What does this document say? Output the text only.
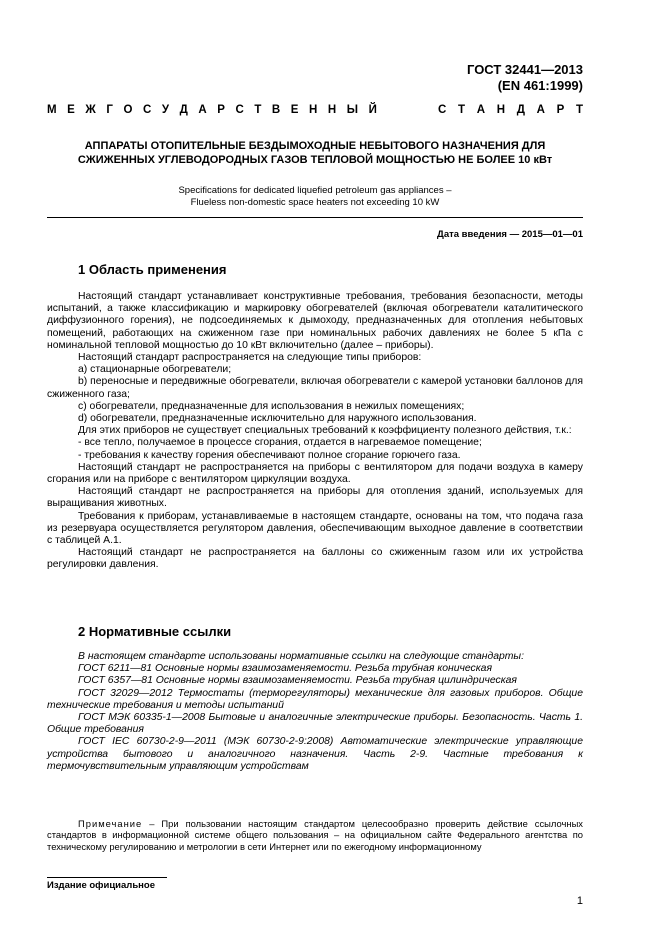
ГОСТ 32441—2013
(EN 461:1999)
М Е Ж Г О С У Д А Р С Т В Е Н Н Ы Й	С Т А Н Д А Р Т
АППАРАТЫ ОТОПИТЕЛЬНЫЕ БЕЗДЫМОХОДНЫЕ НЕБЫТОВОГО НАЗНАЧЕНИЯ ДЛЯ
СЖИЖЕННЫХ УГЛЕВОДОРОДНЫХ ГАЗОВ ТЕПЛОВОЙ МОЩНОСТЬЮ НЕ БОЛЕЕ 10 кВт
Specifications for dedicated liquefied petroleum gas appliances –
Flueless non-domestic space heaters not exceeding 10 kW
Дата введения — 2015—01—01
1 Область применения

Настоящий стандарт устанавливает конструктивные требования, требования безопасности, методы испытаний, а также классификацию и маркировку обогревателей (включая обогреватели каталитического диффузионного горения), не подсоединяемых к дымоходу, предназначенных для отопления небытовых помещений, работающих на сжиженном газе при номинальных рабочих давлениях не более 5 кПа с номинальной тепловой мощностью до 10 кВт включительно (далее – приборы).

Настоящий стандарт распространяется на следующие типы приборов:

а) стационарные обогреватели;

b) переносные и передвижные обогреватели, включая обогреватели с камерой установки баллонов для сжиженного газа;

c) обогреватели, предназначенные для использования в нежилых помещениях;

d) обогреватели, предназначенные исключительно для наружного использования.

Для этих приборов не существует специальных требований к коэффициенту полезного действия, т.к.:

- все тепло, получаемое в процессе сгорания, отдается в нагреваемое помещение;

- требования к качеству горения обеспечивают полное сгорание горючего газа.

Настоящий стандарт не распространяется на приборы с вентилятором для подачи воздуха в камеру сгорания или на приборе с вентилятором циркуляции воздуха.

Настоящий стандарт не распространяется на приборы для отопления зданий, используемых для выращивания животных.

Требования к приборам, устанавливаемые в настоящем стандарте, основаны на том, что подача газа из резервуара осуществляется регулятором давления, обеспечивающим выходное давление в соответствии с таблицей А.1.

Настоящий стандарт не распространяется на баллоны со сжиженным газом или их устройства регулировки давления.

2 Нормативные ссылки

В настоящем стандарте использованы нормативные ссылки на следующие стандарты:

ГОСТ 6211—81 Основные нормы взаимозаменяемости. Резьба трубная коническая

ГОСТ 6357—81 Основные нормы взаимозаменяемости. Резьба трубная цилиндрическая

ГОСТ 32029—2012 Термостаты (терморегуляторы) механические для газовых приборов. Общие технические требования и методы испытаний

ГОСТ МЭК 60335-1—2008 Бытовые и аналогичные электрические приборы. Безопасность. Часть 1. Общие требования

ГОСТ IEC 60730-2-9—2011 (МЭК 60730-2-9:2008) Автоматические электрические управляющие устройства бытового и аналогичного назначения. Часть 2-9. Частные требования к термочувствительным управляющим устройствам

Примечание – При пользовании настоящим стандартом целесообразно проверить действие ссылочных стандартов в информационной системе общего пользования – на официальном сайте Федерального агентства по техническому регулированию и метрологии в сети Интернет или по ежегодному информационному
Издание официальное
1
